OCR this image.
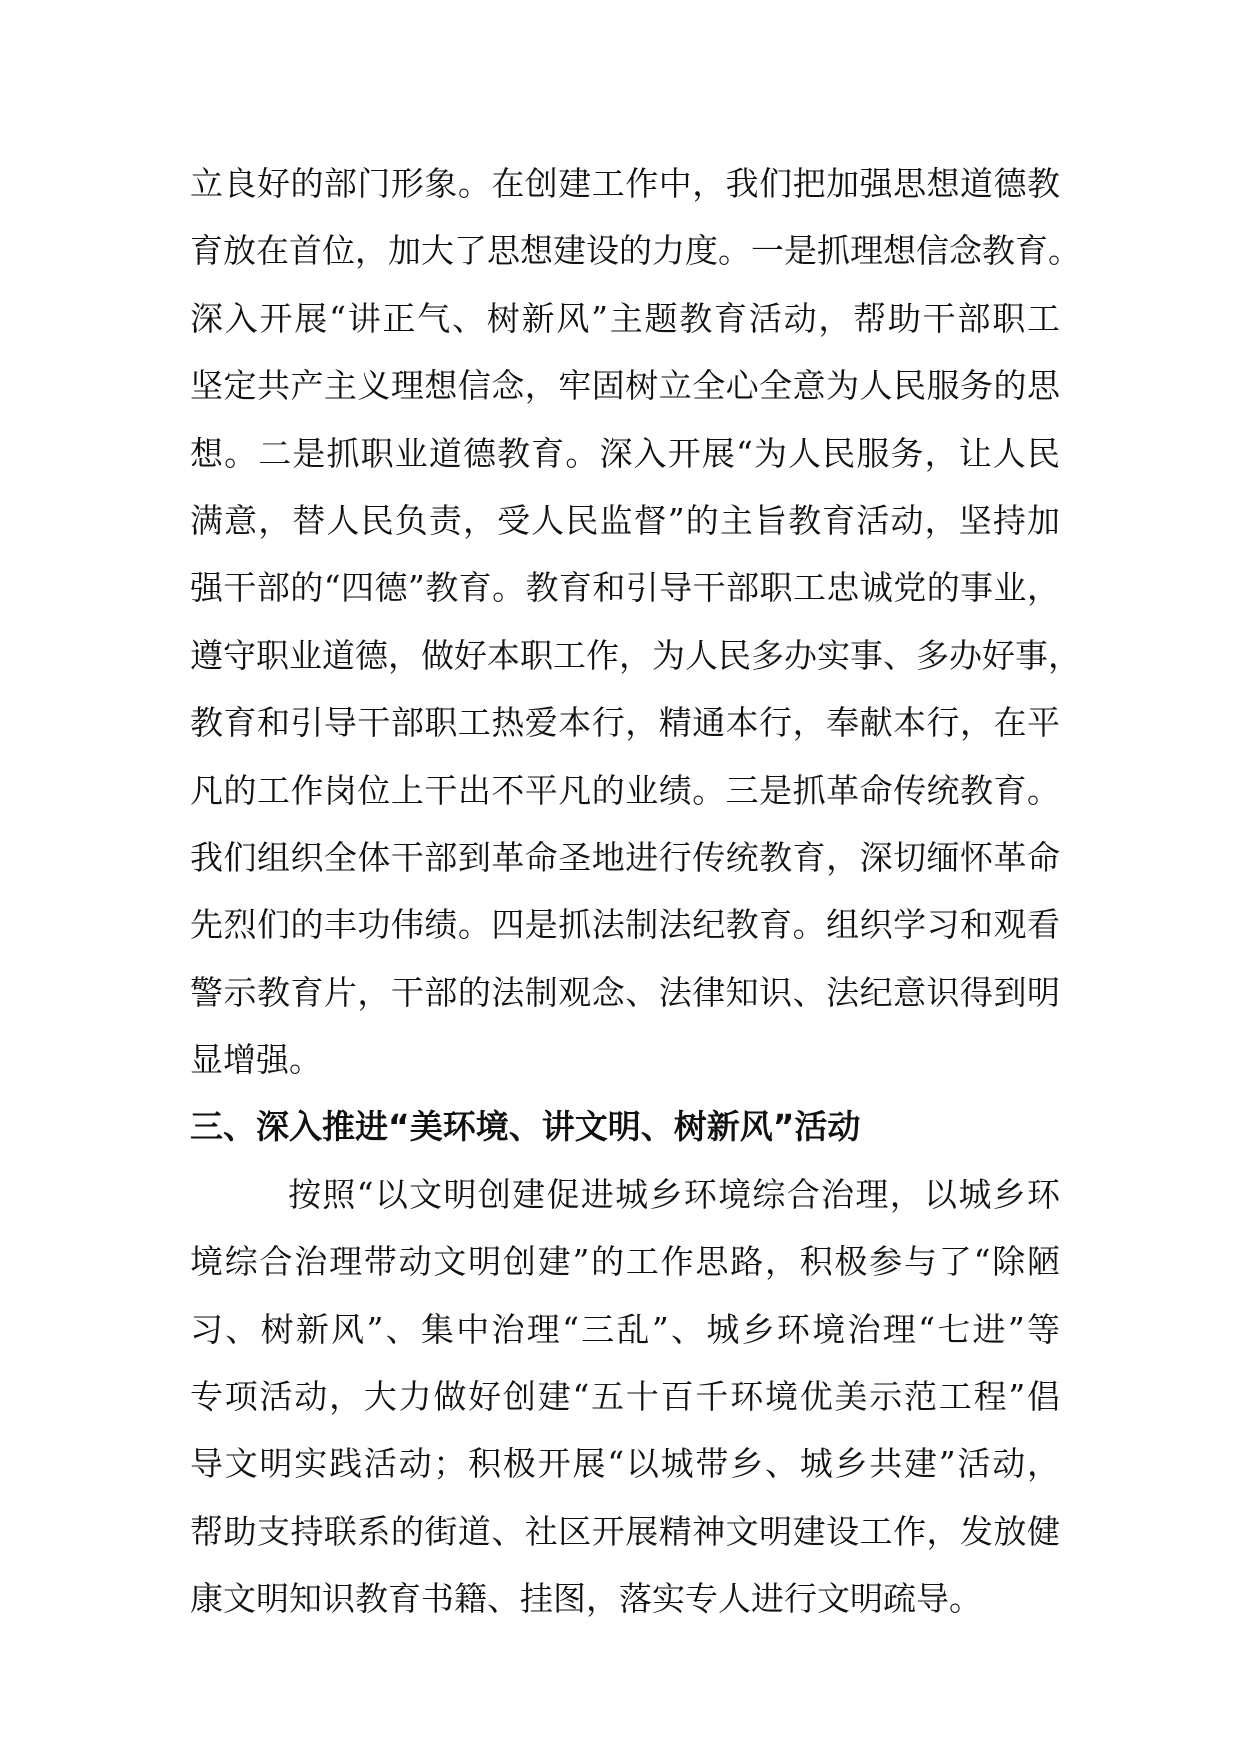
立良好的部门形象。在创建工作中，我们把加强思想道德教
育放在首位，加大了思想建设的力度。一是抓理想信念教育。
深入开展“讲正气、树新风”主题教育活动，帮助干部职工
坚定共产主义理想信念，牢固树立全心全意为人民服务的思
想。二是抓职业道德教育。深入开展“为人民服务，让人民
满意，替人民负责，受人民监督”的主旨教育活动，坚持加
强干部的“四德”教育。教育和引导干部职工忠诚党的事业，
遵守职业道德，做好本职工作，为人民多办实事、多办好事，
教育和引导干部职工热爱本行，精通本行，奉献本行，在平
凡的工作岗位上干出不平凡的业绩。三是抓革命传统教育。
我们组织全体干部到革命圣地进行传统教育，深切缅怀革命
先烈们的丰功伟绩。四是抓法制法纪教育。组织学习和观看
警示教育片，干部的法制观念、法律知识、法纪意识得到明
显增强。
三、深入推进“美环境、讲文明、树新风”活动
按照“以文明创建促进城乡环境综合治理，以城乡环
境综合治理带动文明创建”的工作思路，积极参与了“除陋
习、树新风”、集中治理“三乱”、城乡环境治理“七进”等
专项活动，大力做好创建“五十百千环境优美示范工程”倡
导文明实践活动；积极开展“以城带乡、城乡共建”活动，
帮助支持联系的街道、社区开展精神文明建设工作，发放健
康文明知识教育书籍、挂图，落实专人进行文明疏导。
